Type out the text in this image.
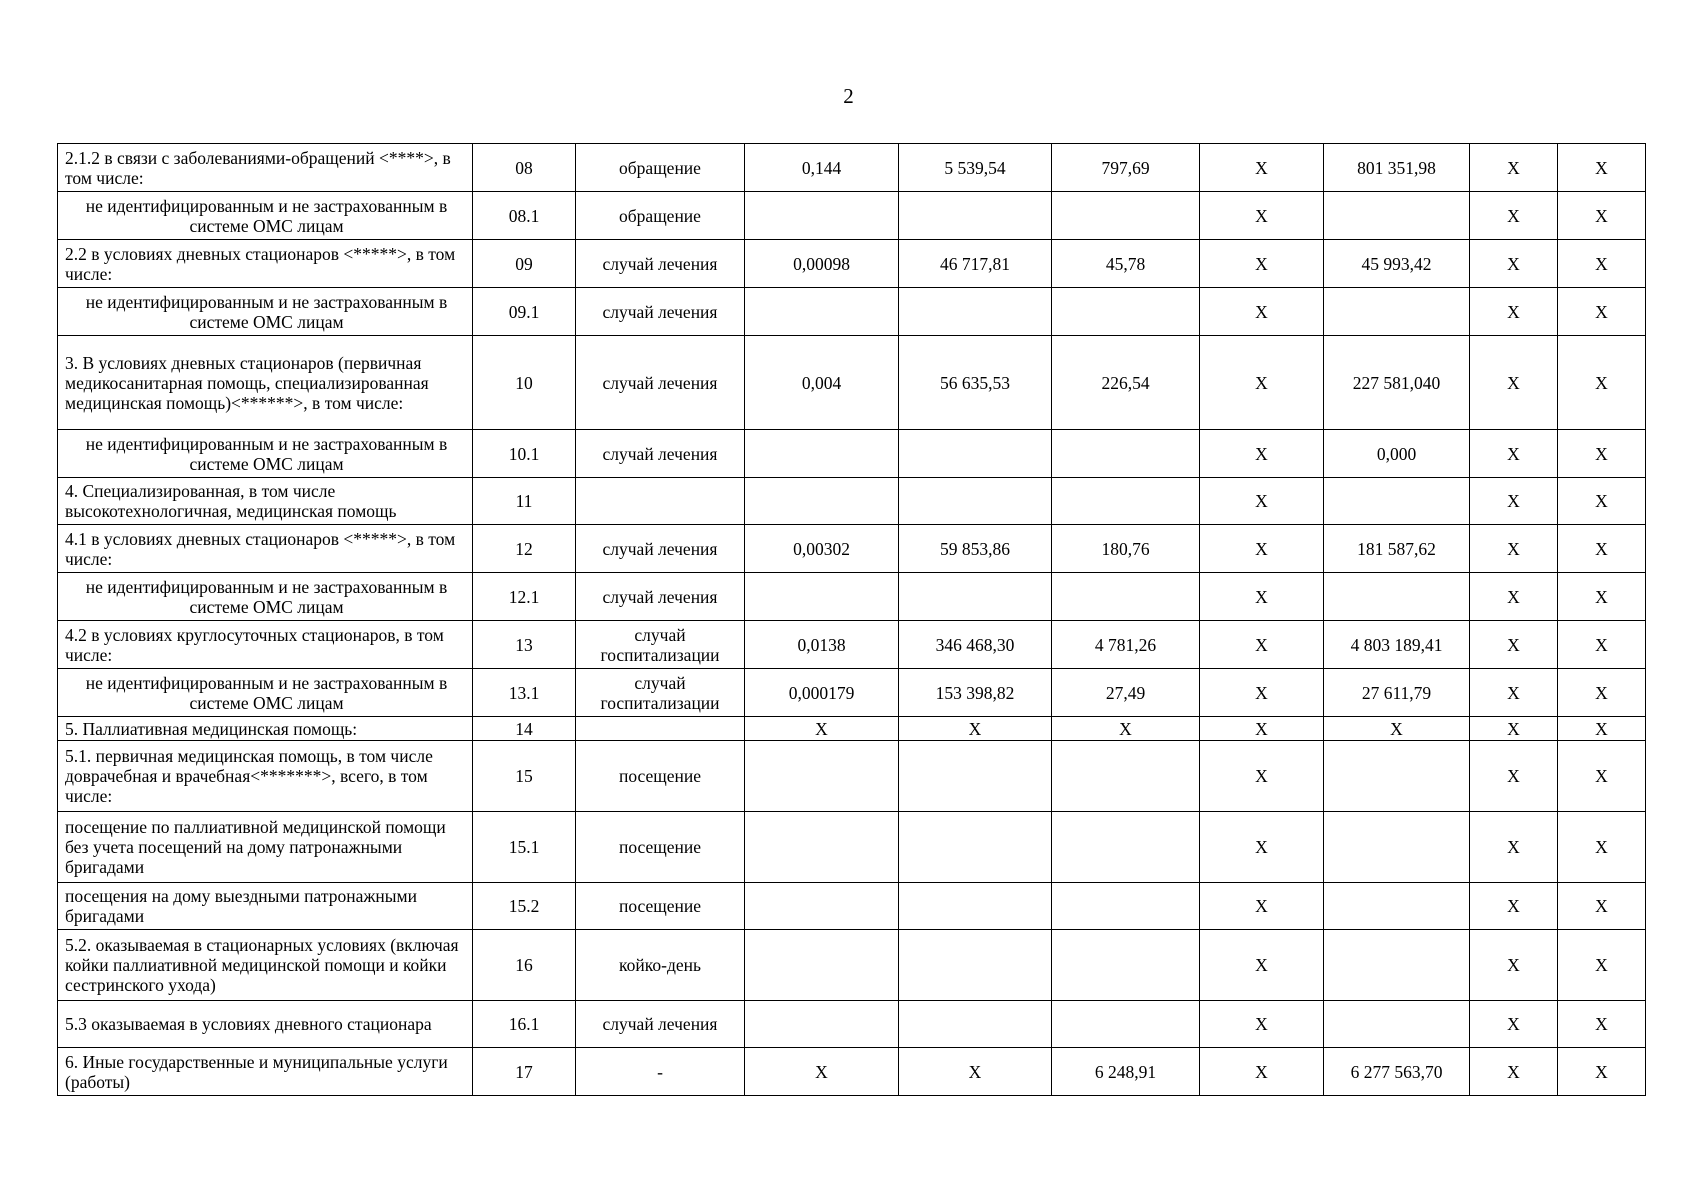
2
2.1.2 в связи с заболеваниями-обращений <****>, в том числе:	08	обращение	0,144	5 539,54	797,69	X	801 351,98	X	X
не идентифицированным и не застрахованным в системе ОМС лицам	08.1	обращение				X		X	X
2.2 в условиях дневных стационаров <*****>, в том числе:	09	случай лечения	0,00098	46 717,81	45,78	X	45 993,42	X	X
не идентифицированным и не застрахованным в системе ОМС лицам	09.1	случай лечения				X		X	X
3. В условиях дневных стационаров (первичная медикосанитарная помощь, специализированная медицинская помощь)<******>, в том числе:	10	случай лечения	0,004	56 635,53	226,54	X	227 581,040	X	X
не идентифицированным и не застрахованным в системе ОМС лицам	10.1	случай лечения				X	0,000	X	X
4. Специализированная, в том числе высокотехнологичная, медицинская помощь	11					X		X	X
4.1 в условиях дневных стационаров <*****>, в том числе:	12	случай лечения	0,00302	59 853,86	180,76	X	181 587,62	X	X
не идентифицированным и не застрахованным в системе ОМС лицам	12.1	случай лечения				X		X	X
4.2 в условиях круглосуточных стационаров, в том числе:	13	случай госпитализации	0,0138	346 468,30	4 781,26	X	4 803 189,41	X	X
не идентифицированным и не застрахованным в системе ОМС лицам	13.1	случай госпитализации	0,000179	153 398,82	27,49	X	27 611,79	X	X
5. Паллиативная медицинская помощь:	14		X	X	X	X	X	X	X
5.1. первичная медицинская помощь, в том числе доврачебная и врачебная<*******>, всего, в том числе:	15	посещение				X		X	X
посещение по паллиативной медицинской помощи без учета посещений на дому патронажными бригадами	15.1	посещение				X		X	X
посещения на дому выездными патронажными бригадами	15.2	посещение				X		X	X
5.2. оказываемая в стационарных условиях (включая койки паллиативной медицинской помощи и койки сестринского ухода)	16	койко-день				X		X	X
5.3 оказываемая в условиях дневного стационара	16.1	случай лечения				X		X	X
6. Иные государственные и муниципальные услуги (работы)	17	-	X	X	6 248,91	X	6 277 563,70	X	X
